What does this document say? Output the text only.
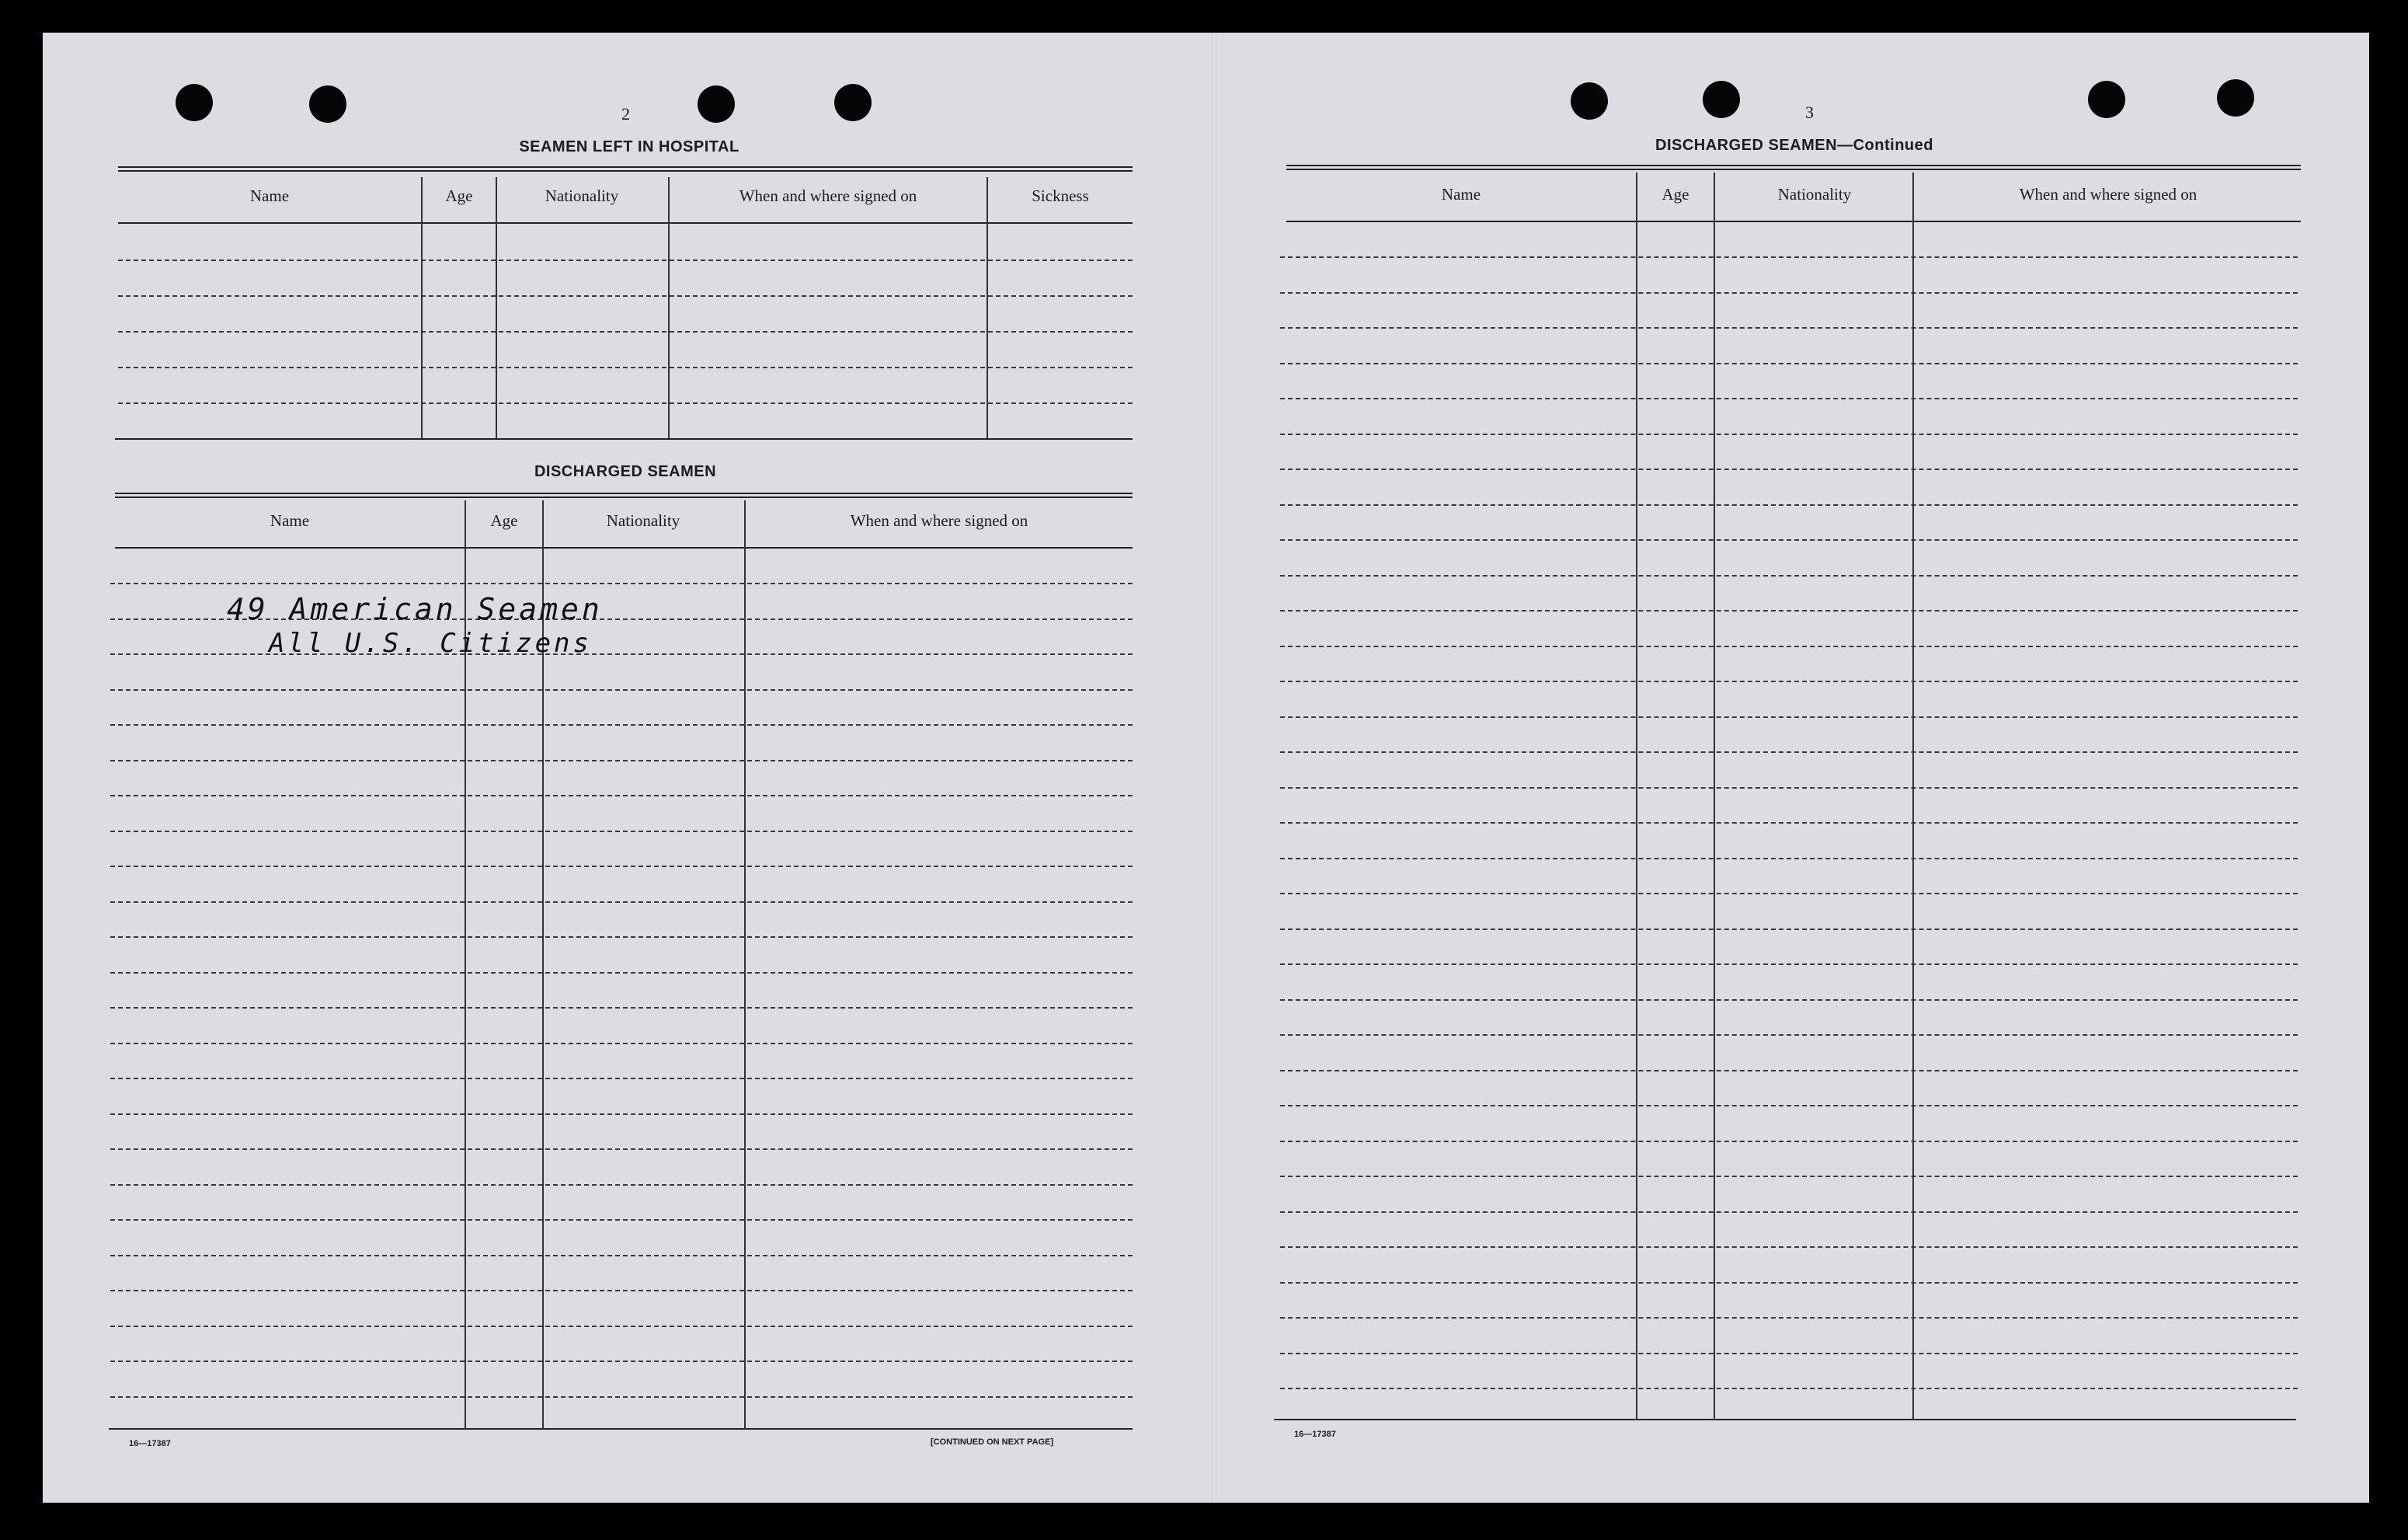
2
SEAMEN LEFT IN HOSPITAL
Name	Age	Nationality	When and where signed on	Sickness
DISCHARGED SEAMEN
Name	Age	Nationality	When and where signed on
49 American Seamen
All U.S. Citizens
16—17387	[CONTINUED ON NEXT PAGE]
3
DISCHARGED SEAMEN—Continued
Name	Age	Nationality	When and where signed on
16—17387
